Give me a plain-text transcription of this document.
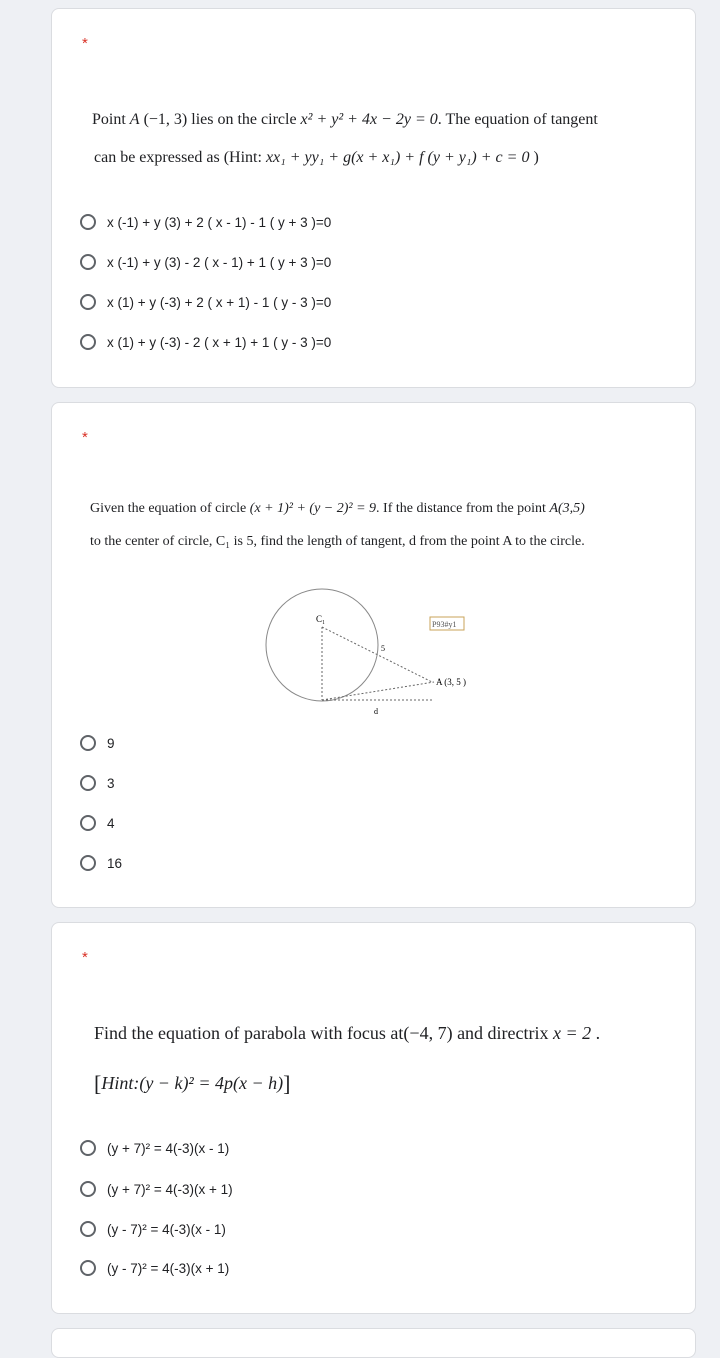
*
Point A (−1, 3) lies on the circle x² + y² + 4x − 2y = 0. The equation of tangent
can be expressed as (Hint: xx₁ + yy₁ + g(x + x₁) + f (y + y₁) + c = 0 )
x (-1) + y (3) + 2 ( x - 1) - 1 ( y + 3 )=0
x (-1) + y (3) - 2 ( x - 1) + 1 ( y + 3 )=0
x (1) + y (-3) + 2 ( x + 1) - 1 ( y - 3 )=0
x (1) + y (-3) - 2 ( x + 1) + 1 ( y - 3 )=0
*
Given the equation of circle (x + 1)² + (y − 2)² = 9. If the distance from the point A(3,5)
to the center of circle, C₁ is 5, find the length of tangent, d from the point A to the circle.
C₁
P93#y1
5
A (3, 5 )
d
9
3
4
16
*
Find the equation of parabola with focus at(−4, 7) and directrix x = 2 .
[Hint:(y − k)² = 4p(x − h)]
(y + 7)² = 4(-3)(x - 1)
(y + 7)² = 4(-3)(x + 1)
(y - 7)² = 4(-3)(x - 1)
(y - 7)² = 4(-3)(x + 1)
